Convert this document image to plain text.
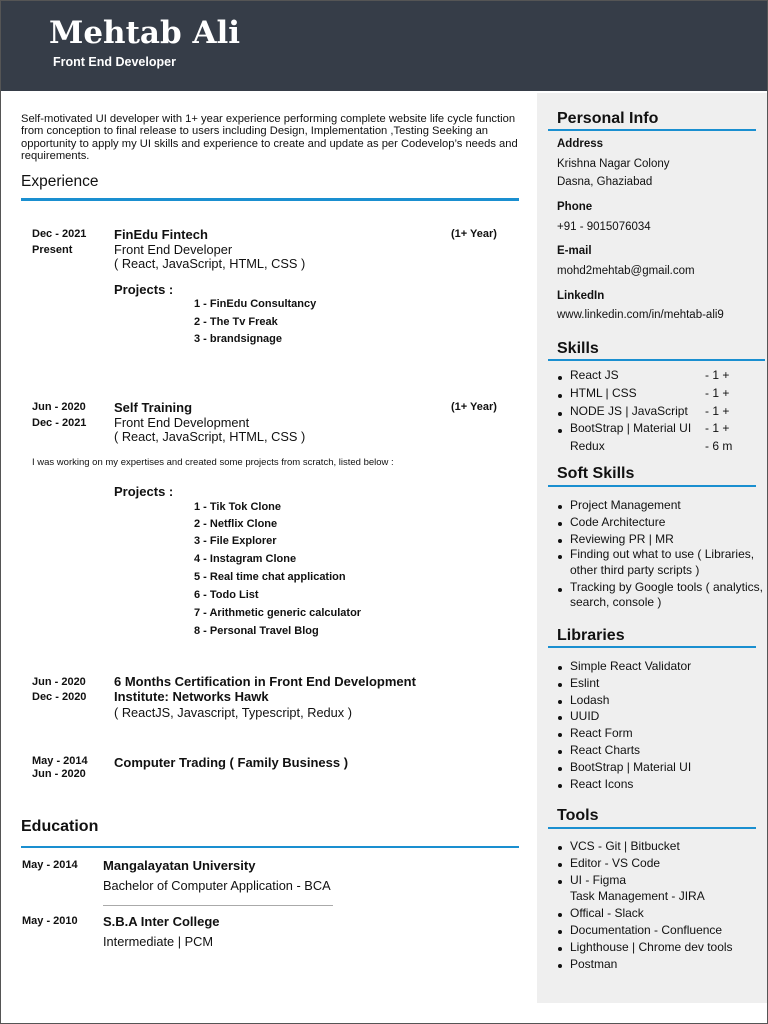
Mehtab Ali
Front End Developer
Self-motivated UI developer with 1+ year experience performing complete website life cycle function from conception to final release to users including Design, Implementation ,Testing Seeking an opportunity to apply my UI skills and experience to create and update as per Codevelop’s needs and requirements.
Experience
Dec - 2021
Present
FinEdu Fintech	(1+ Year)
Front End Developer
( React, JavaScript, HTML, CSS )
Projects :
1 - FinEdu Consultancy
2 - The Tv Freak
3 - brandsignage
Jun - 2020
Dec - 2021
Self Training	(1+ Year)
Front End Development
( React, JavaScript, HTML, CSS )
I was working on my expertises and created some projects from scratch, listed below :
Projects :
1 - Tik Tok Clone
2 - Netflix Clone
3 - File Explorer
4 - Instagram Clone
5 - Real time chat application
6 - Todo List
7 - Arithmetic generic calculator
8 - Personal Travel Blog
Jun - 2020
Dec - 2020
6 Months Certification in Front End Development
Institute: Networks Hawk
( ReactJS, Javascript, Typescript, Redux )
May - 2014
Jun - 2020
Computer Trading ( Family Business )
Education
May - 2014 Mangalayatan University
Bachelor of Computer Application - BCA
May - 2010 S.B.A Inter College
Intermediate | PCM
Personal Info
Address
Krishna Nagar Colony
Dasna, Ghaziabad
Phone
+91 - 9015076034
E-mail
mohd2mehtab@gmail.com
LinkedIn
www.linkedin.com/in/mehtab-ali9
Skills
React JS	- 1 +
HTML | CSS	- 1 +
NODE JS | JavaScript - 1 +
BootStrap | Material UI - 1 +
Redux	- 6 m
Soft Skills
Project Management
Code Architecture
Reviewing PR | MR
Finding out what to use ( Libraries, other third party scripts )
Tracking by Google tools ( analytics, search, console )
Libraries
Simple React Validator
Eslint
Lodash
UUID
React Form
React Charts
BootStrap | Material UI
React Icons
Tools
VCS - Git | Bitbucket
Editor - VS Code
UI - Figma
Task Management - JIRA
Offical - Slack
Documentation - Confluence
Lighthouse | Chrome dev tools
Postman
